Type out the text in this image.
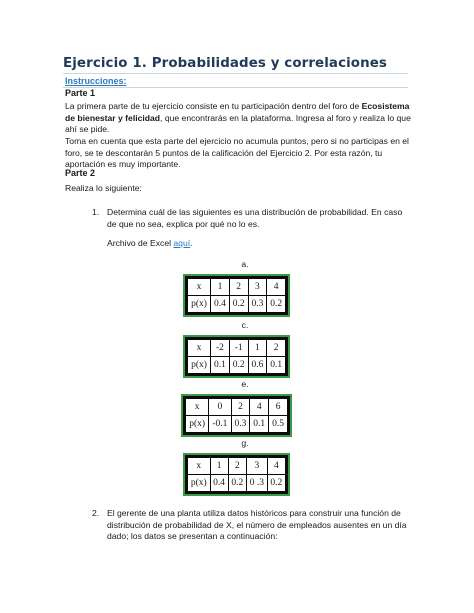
Ejercicio 1. Probabilidades y correlaciones
Instrucciones:
Parte 1
La primera parte de tu ejercicio consiste en tu participación dentro del foro de Ecosistema de bienestar y felicidad, que encontrarás en la plataforma. Ingresa al foro y realiza lo que ahí se pide.
Toma en cuenta que esta parte del ejercicio no acumula puntos, pero si no participas en el foro, se te descontarán 5 puntos de la calificación del Ejercicio 2. Por esta razón, tu aportación es muy importante.
Parte 2
Realiza lo siguiente:
1. Determina cuál de las siguientes es una distribución de probabilidad. En caso de que no sea, explica por qué no lo es.
Archivo de Excel aquí.
a.
x	1	2	3	4
p(x)	0.4	0.2	0.3	0.2
c.
x	-2	-1	1	2
p(x)	0.1	0.2	0.6	0.1
e.
x	0	2	4	6
p(x)	-0.1	0.3	0.1	0.5
g.
x	1	2	3	4
p(x)	0.4	0.2	0 .3	0.2
2. El gerente de una planta utiliza datos históricos para construir una función de distribución de probabilidad de X, el número de empleados ausentes en un día dado; los datos se presentan a continuación:
